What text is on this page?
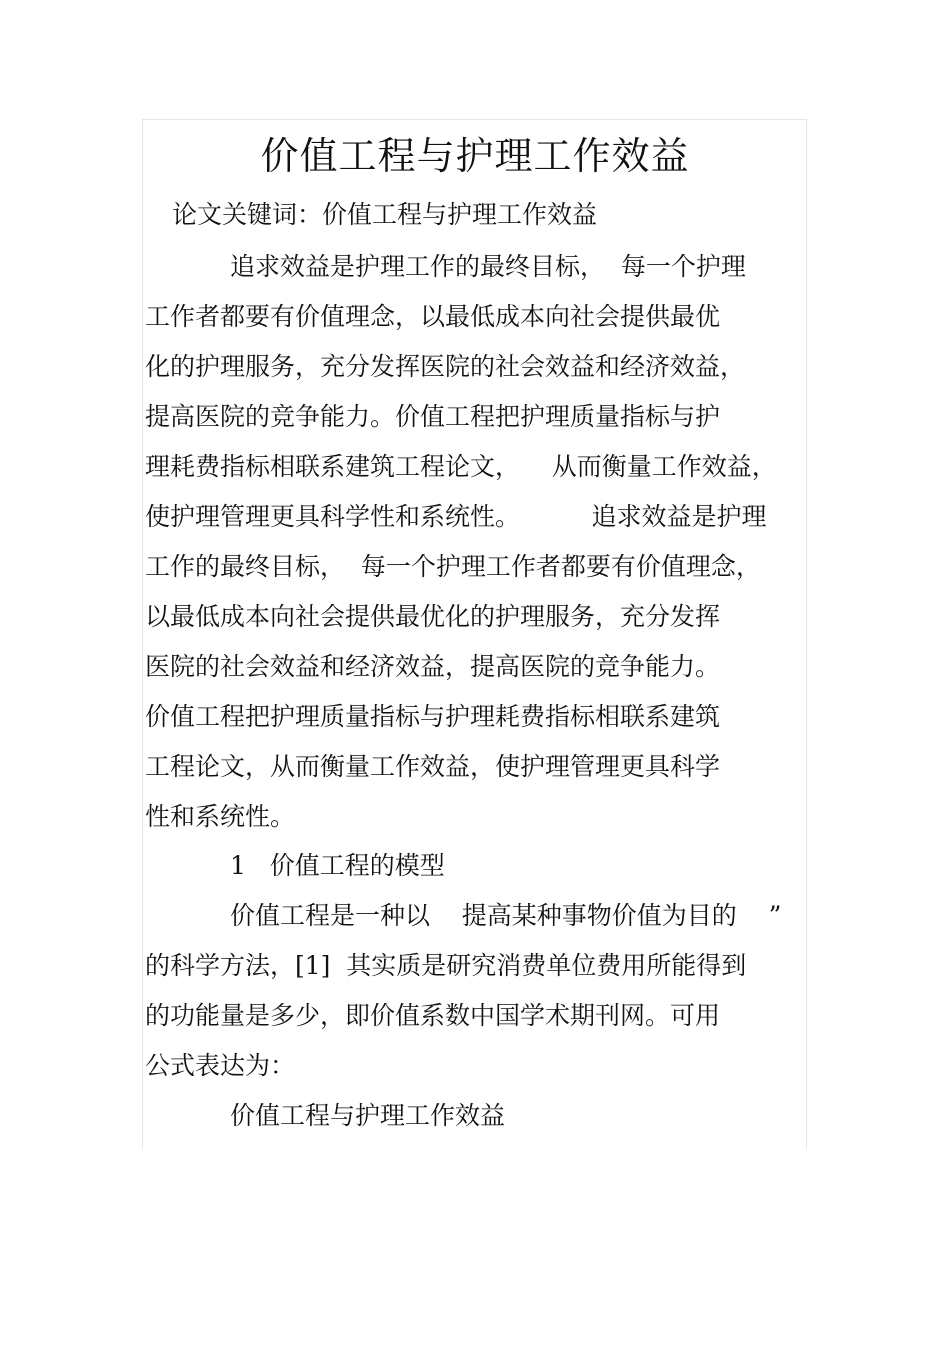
价值工程与护理工作效益
论文关键词：价值工程与护理工作效益
追求效益是护理工作的最终目标，  每一个护理
工作者都要有价值理念，以最低成本向社会提供最优
化的护理服务，充分发挥医院的社会效益和经济效益，
提高医院的竞争能力。价值工程把护理质量指标与护
理耗费指标相联系建筑工程论文，    从而衡量工作效益，
使护理管理更具科学性和系统性。         追求效益是护理
工作的最终目标，  每一个护理工作者都要有价值理念，
以最低成本向社会提供最优化的护理服务，充分发挥
医院的社会效益和经济效益，提高医院的竞争能力。
价值工程把护理质量指标与护理耗费指标相联系建筑
工程论文，从而衡量工作效益，使护理管理更具科学
性和系统性。
1   价值工程的模型
价值工程是一种以    提高某种事物价值为目的    ”
的科学方法，[1]  其实质是研究消费单位费用所能得到
的功能量是多少，即价值系数中国学术期刊网。可用
公式表达为：
价值工程与护理工作效益
